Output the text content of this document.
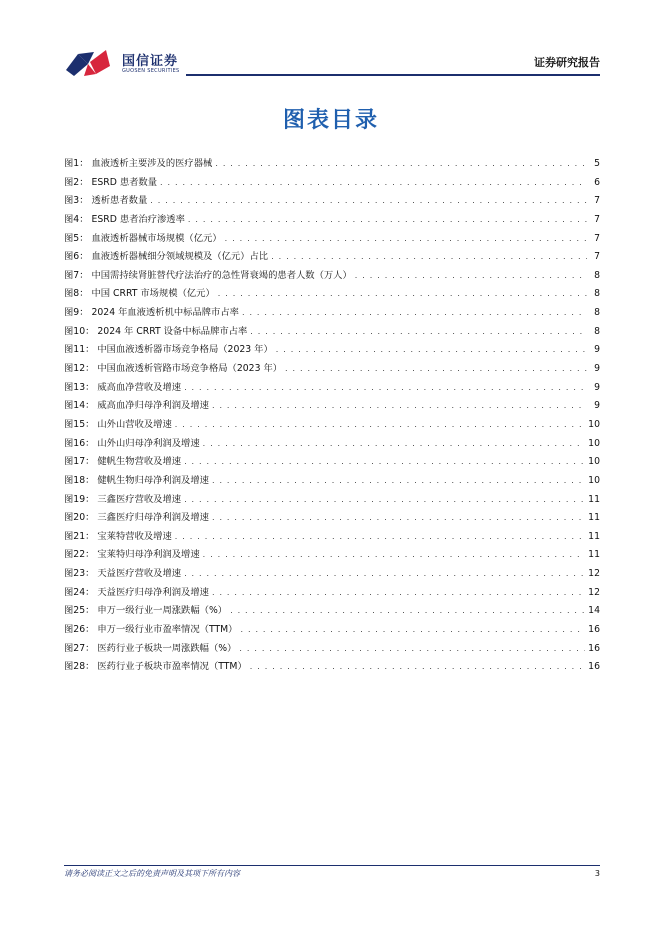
国信证券
GUOSEN SECURITIES
证券研究报告
图表目录
图1： 血液透析主要涉及的医疗器械 . . .	5
图2： ESRD 患者数量 . . .	6
图3： 透析患者数量 . . .	7
图4： ESRD 患者治疗渗透率 . . .	7
图5： 血液透析器械市场规模（亿元） . . .	7
图6： 血液透析器械细分领域规模及（亿元）占比 . . .	7
图7： 中国需持续肾脏替代疗法治疗的急性肾衰竭的患者人数（万人） . . .	8
图8： 中国 CRRT 市场规模（亿元） . . .	8
图9： 2024 年血液透析机中标品牌市占率 . . .	8
图10： 2024 年 CRRT 设备中标品牌市占率 . . .	8
图11： 中国血液透析器市场竞争格局（2023 年） . . .	9
图12： 中国血液透析管路市场竞争格局（2023 年） . . .	9
图13： 威高血净营收及增速 . . .	9
图14： 威高血净归母净利润及增速 . . .	9
图15： 山外山营收及增速 . . .	10
图16： 山外山归母净利润及增速 . . .	10
图17： 健帆生物营收及增速 . . .	10
图18： 健帆生物归母净利润及增速 . . .	10
图19： 三鑫医疗营收及增速 . . .	11
图20： 三鑫医疗归母净利润及增速 . . .	11
图21： 宝莱特营收及增速 . . .	11
图22： 宝莱特归母净利润及增速 . . .	11
图23： 天益医疗营收及增速 . . .	12
图24： 天益医疗归母净利润及增速 . . .	12
图25： 申万一级行业一周涨跌幅（%） . . .	14
图26： 申万一级行业市盈率情况（TTM） . . .	16
图27： 医药行业子板块一周涨跌幅（%） . . .	16
图28： 医药行业子板块市盈率情况（TTM） . . .	16
请务必阅读正文之后的免责声明及其项下所有内容	3
